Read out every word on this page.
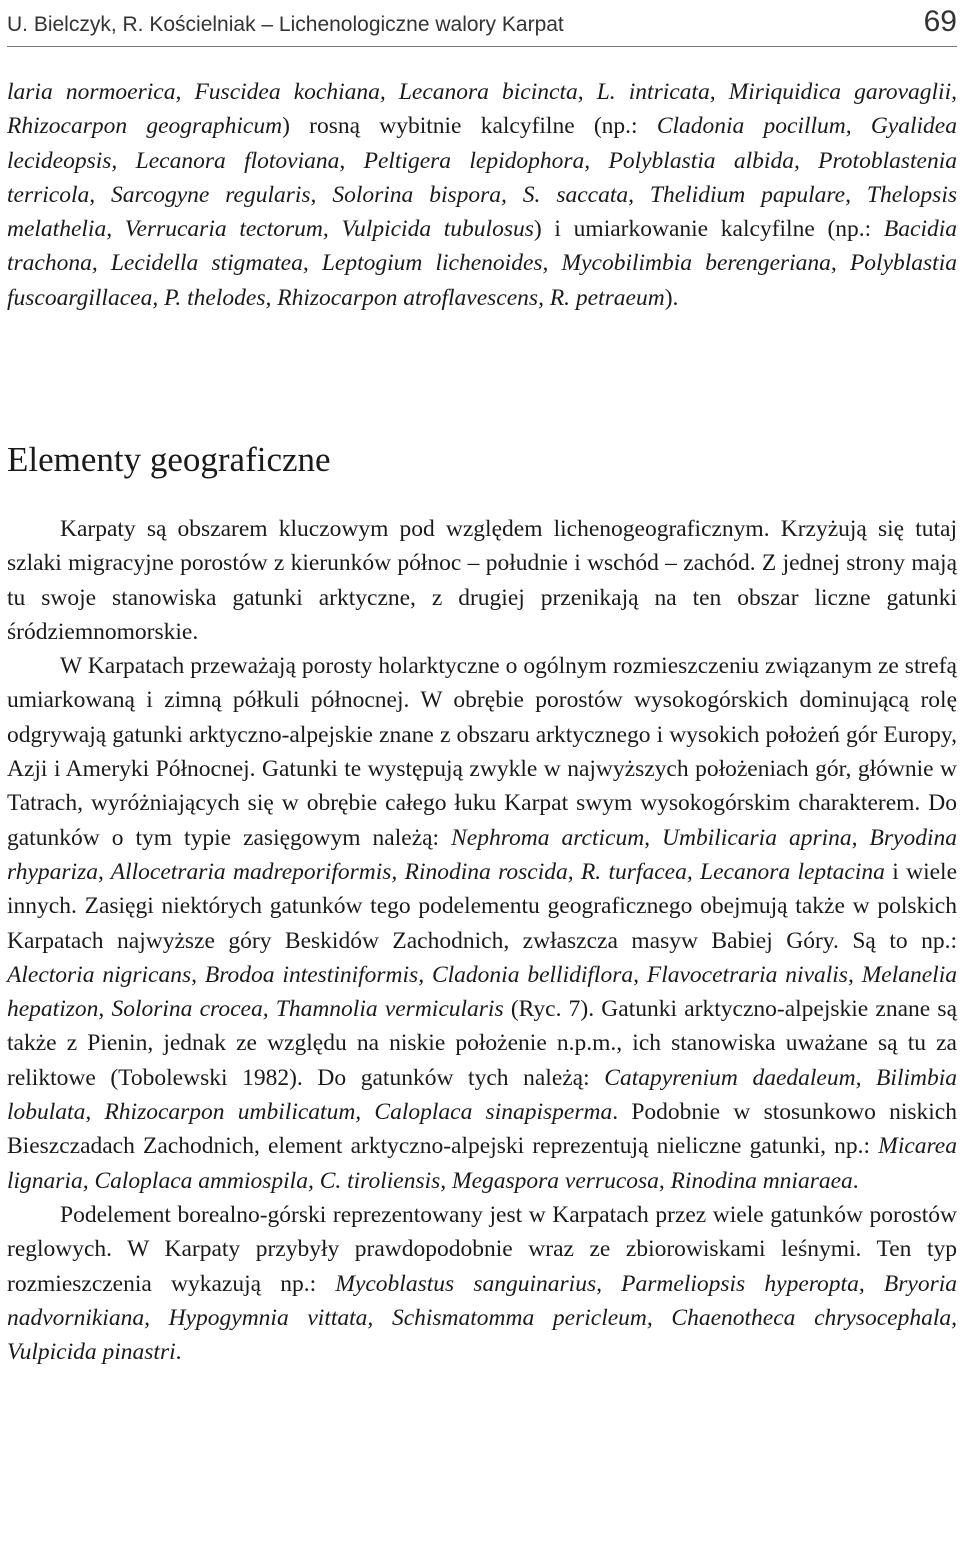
U. Bielczyk, R. Kościelniak – Lichenologiczne walory Karpat	69

laria normoerica, Fuscidea kochiana, Lecanora bicincta, L. intricata, Miriquidica garovaglii, Rhizocarpon geographicum) rosną wybitnie kalcyfilne (np.: Cladonia pocillum, Gyalidea lecideopsis, Lecanora flotoviana, Peltigera lepidophora, Polyblastia albida, Protoblastenia terricola, Sarcogyne regularis, Solorina bispora, S. saccata, Thelidium papulare, Thelopsis melathelia, Verrucaria tectorum, Vulpicida tubulosus) i umiarkowanie kalcyfilne (np.: Bacidia trachona, Lecidella stigmatea, Leptogium lichenoides, Mycobilimbia berengeriana, Polyblastia fuscoargillacea, P. thelodes, Rhizocarpon atroflavescens, R. petraeum).

Elementy geograficzne

Karpaty są obszarem kluczowym pod względem lichenogeograficznym. Krzyżują się tutaj szlaki migracyjne porostów z kierunków północ – południe i wschód – zachód. Z jednej strony mają tu swoje stanowiska gatunki arktyczne, z drugiej przenikają na ten obszar liczne gatunki śródziemnomorskie.

W Karpatach przeważają porosty holarktyczne o ogólnym rozmieszczeniu związanym ze strefą umiarkowaną i zimną półkuli północnej. W obrębie porostów wysokogórskich dominującą rolę odgrywają gatunki arktyczno-alpejskie znane z obszaru arktycznego i wysokich położeń gór Europy, Azji i Ameryki Północnej. Gatunki te występują zwykle w najwyższych położeniach gór, głównie w Tatrach, wyróżniających się w obrębie całego łuku Karpat swym wysokogórskim charakterem. Do gatunków o tym typie zasięgowym należą: Nephroma arcticum, Umbilicaria aprina, Bryodina rhypariza, Allocetraria madreporiformis, Rinodina roscida, R. turfacea, Lecanora leptacina i wiele innych. Zasięgi niektórych gatunków tego podelementu geograficznego obejmują także w polskich Karpatach najwyższe góry Beskidów Zachodnich, zwłaszcza masyw Babiej Góry. Są to np.: Alectoria nigricans, Brodoa intestiniformis, Cladonia bellidiflora, Flavocetraria nivalis, Melanelia hepatizon, Solorina crocea, Thamnolia vermicularis (Ryc. 7). Gatunki arktyczno-alpejskie znane są także z Pienin, jednak ze względu na niskie położenie n.p.m., ich stanowiska uważane są tu za reliktowe (Tobolewski 1982). Do gatunków tych należą: Catapyrenium daedaleum, Bilimbia lobulata, Rhizocarpon umbilicatum, Caloplaca sinapisperma. Podobnie w stosunkowo niskich Bieszczadach Zachodnich, element arktyczno-alpejski reprezentują nieliczne gatunki, np.: Micarea lignaria, Caloplaca ammiospila, C. tiroliensis, Megaspora verrucosa, Rinodina mniaraea.

Podelement borealno-górski reprezentowany jest w Karpatach przez wiele gatunków porostów reglowych. W Karpaty przybyły prawdopodobnie wraz ze zbiorowiskami leśnymi. Ten typ rozmieszczenia wykazują np.: Mycoblastus sanguinarius, Parmeliopsis hyperopta, Bryoria nadvornikiana, Hypogymnia vittata, Schismatomma pericleum, Chaenotheca chrysocephala, Vulpicida pinastri.
